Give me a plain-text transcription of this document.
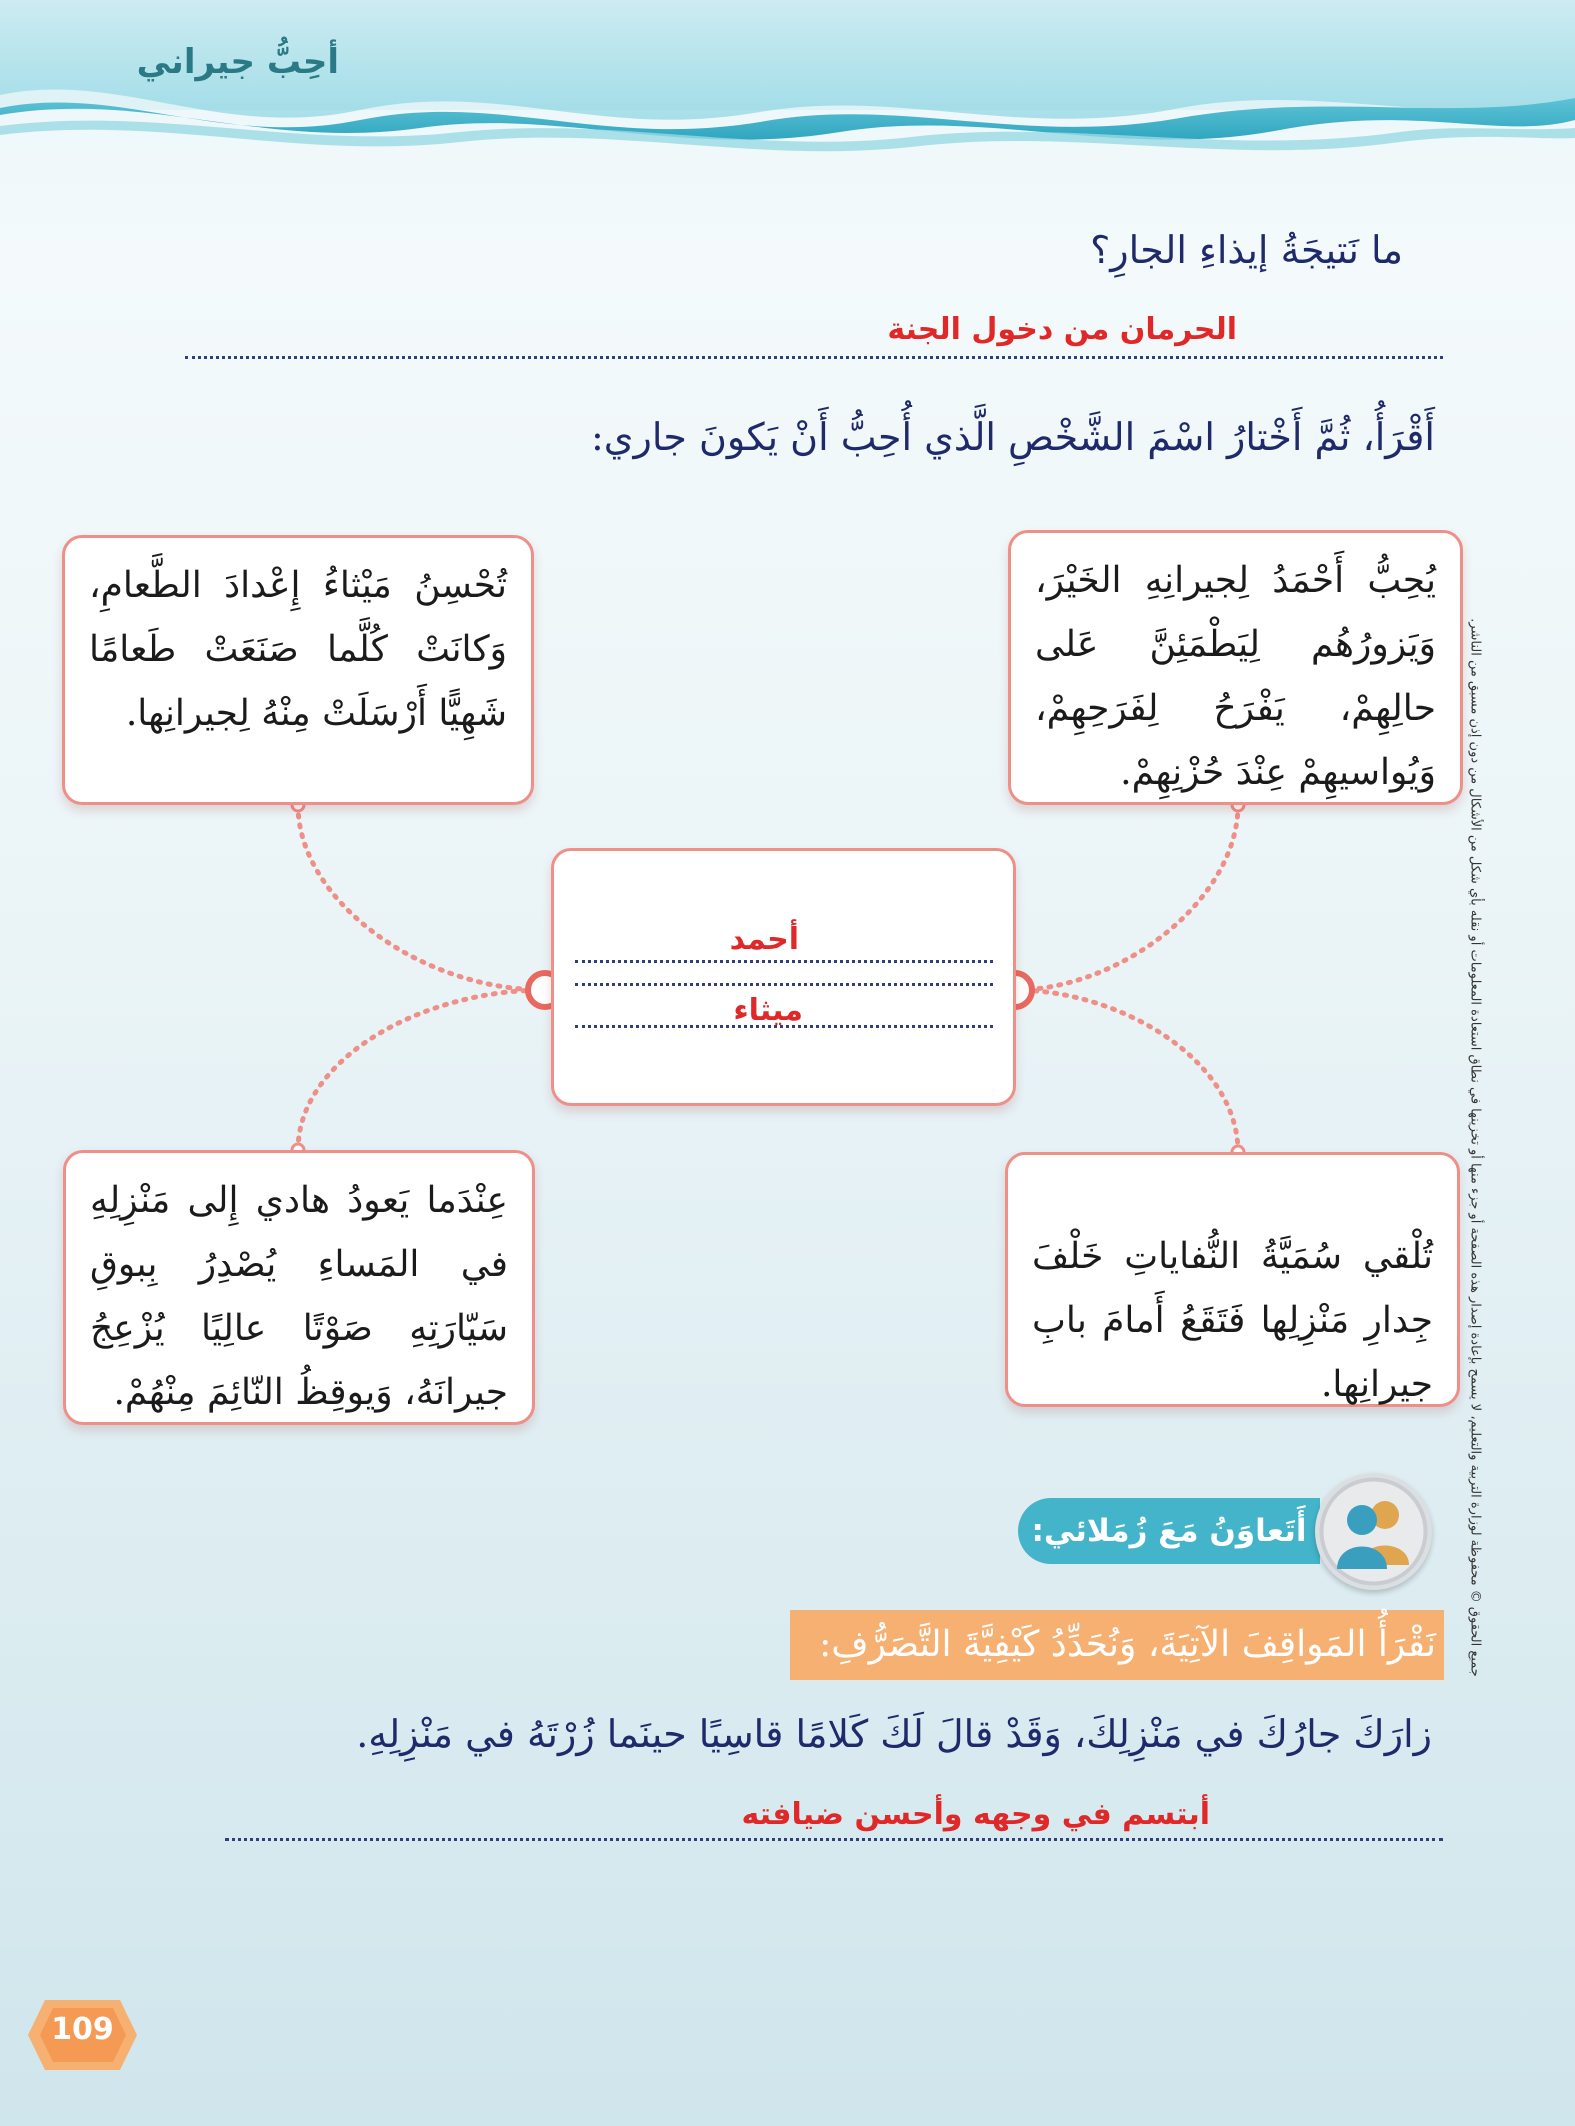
أحِبُّ جيراني
ما نَتيجَةُ إيذاءِ الجارِ؟
الحرمان من دخول الجنة
أَقْرَأُ، ثُمَّ أَخْتارُ اسْمَ الشَّخْصِ الَّذي أُحِبُّ أَنْ يَكونَ جاري:
يُحِبُّ أَحْمَدُ لِجيرانِهِ الخَيْرَ، وَيَزورُهُم لِيَطْمَئِنَّ عَلى حالِهِمْ، يَفْرَحُ لِفَرَحِهِمْ، وَيُواسيهِمْ عِنْدَ حُزْنِهِمْ.
تُحْسِنُ مَيْثاءُ إِعْدادَ الطَّعامِ، وَكانَتْ كُلَّما صَنَعَتْ طَعامًا شَهِيًّا أَرْسَلَتْ مِنْهُ لِجيرانِها.
تُلْقي سُمَيَّةُ النُّفاياتِ خَلْفَ جِدارِ مَنْزِلِها فَتَقَعُ أَمامَ بابِ جيرانِها.
عِنْدَما يَعودُ هادي إِلى مَنْزِلِهِ في المَساءِ يُصْدِرُ بِبوقِ سَيّارَتِهِ صَوْتًا عالِيًا يُزْعِجُ جيرانَهُ، وَيوقِظُ النّائِمَ مِنْهُمْ.
أحمد
ميثاء	جميع الحقوق © محفوظة لوزارة التربية والتعليم، لا يسمح بإعادة إصدار هذه الصفحة أو جزء منها أو تخزينها في نطاق استعادة المعلومات أو نقله بأي شكل من الأشكال من دون إذن مسبق من الناشر.
أَتَعاوَنُ مَعَ زُمَلائي:
نَقْرَأُ المَواقِفَ الآتِيَةَ، وَنُحَدِّدُ كَيْفِيَّةَ التَّصَرُّفِ:
زارَكَ جارُكَ في مَنْزِلِكَ، وَقَدْ قالَ لَكَ كَلامًا قاسِيًا حينَما زُرْتَهُ في مَنْزِلِهِ.
أبتسم في وجهه وأحسن ضيافته
109
